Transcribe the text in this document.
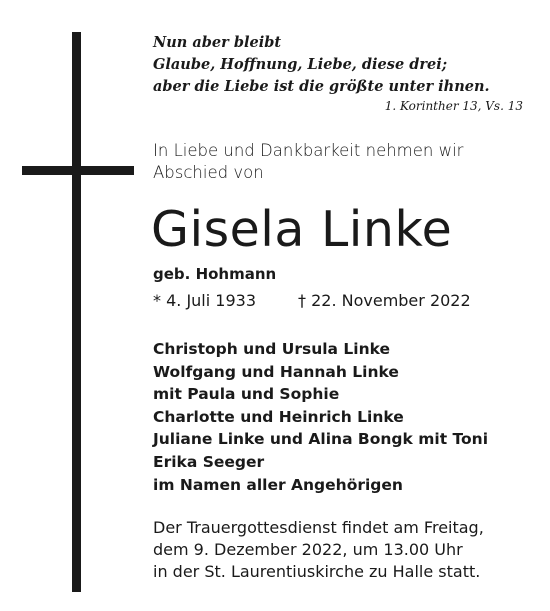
Nun aber bleibt
Glaube, Hoffnung, Liebe, diese drei;
aber die Liebe ist die größte unter ihnen.
1. Korinther 13, Vs. 13
In Liebe und Dankbarkeit nehmen wir
Abschied von
Gisela Linke
geb. Hohmann
* 4. Juli 1933	† 22. November 2022
Christoph und Ursula Linke
Wolfgang und Hannah Linke
mit Paula und Sophie
Charlotte und Heinrich Linke
Juliane Linke und Alina Bongk mit Toni
Erika Seeger
im Namen aller Angehörigen
Der Trauergottesdienst findet am Freitag,
dem 9. Dezember 2022, um 13.00 Uhr
in der St. Laurentiuskirche zu Halle statt.
